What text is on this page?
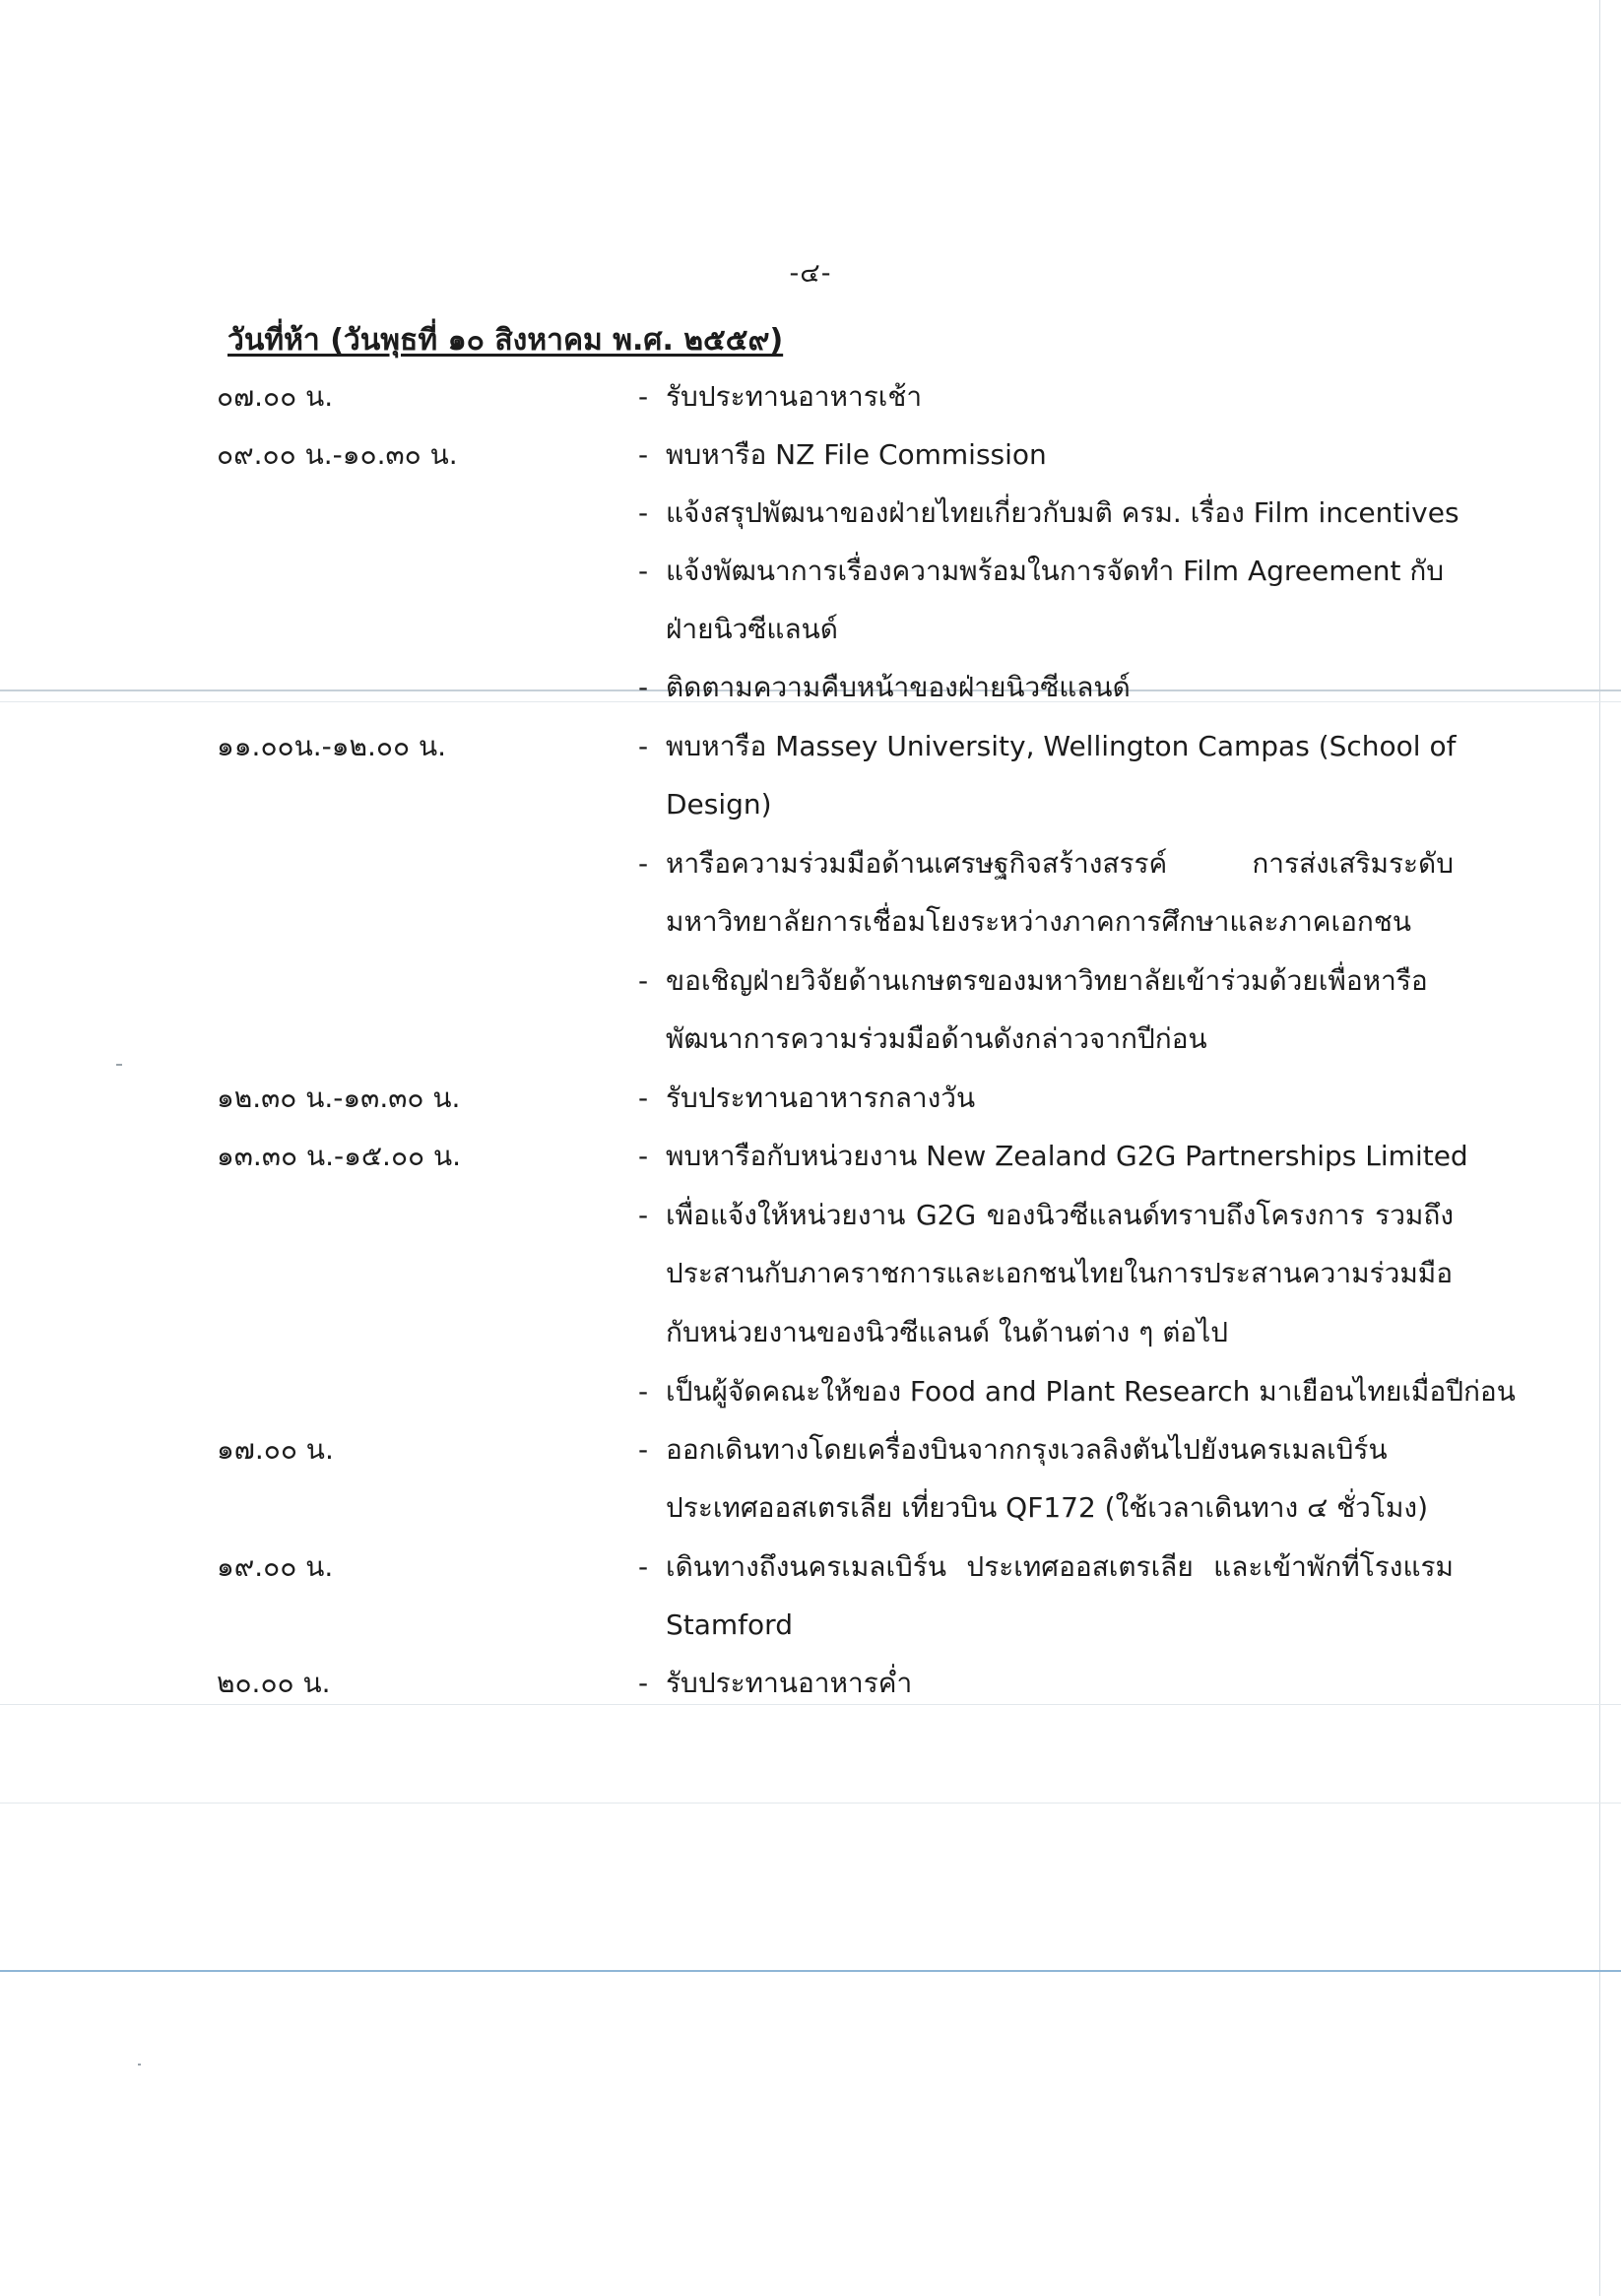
-๔-
วันที่ห้า (วันพุธที่ ๑๐ สิงหาคม พ.ศ. ๒๕๕๙)
๐๗.๐๐ น.	- รับประทานอาหารเช้า
๐๙.๐๐ น.-๑๐.๓๐ น.	- พบหารือ NZ File Commission
- แจ้งสรุปพัฒนาของฝ่ายไทยเกี่ยวกับมติ ครม. เรื่อง Film incentives
- แจ้งพัฒนาการเรื่องความพร้อมในการจัดทำ Film Agreement กับ
ฝ่ายนิวซีแลนด์
- ติดตามความคืบหน้าของฝ่ายนิวซีแลนด์
๑๑.๐๐น.-๑๒.๐๐ น.	- พบหารือ Massey University, Wellington Campas (School of
Design)
- หารือความร่วมมือด้านเศรษฐกิจสร้างสรรค์ การส่งเสริมระดับ
มหาวิทยาลัยการเชื่อมโยงระหว่างภาคการศึกษาและภาคเอกชน
- ขอเชิญฝ่ายวิจัยด้านเกษตรของมหาวิทยาลัยเข้าร่วมด้วยเพื่อหารือ
พัฒนาการความร่วมมือด้านดังกล่าวจากปีก่อน
๑๒.๓๐ น.-๑๓.๓๐ น.	- รับประทานอาหารกลางวัน
๑๓.๓๐ น.-๑๕.๐๐ น.	- พบหารือกับหน่วยงาน New Zealand G2G Partnerships Limited
- เพื่อแจ้งให้หน่วยงาน G2G ของนิวซีแลนด์ทราบถึงโครงการ รวมถึง
ประสานกับภาคราชการและเอกชนไทยในการประสานความร่วมมือ
กับหน่วยงานของนิวซีแลนด์ ในด้านต่าง ๆ ต่อไป
- เป็นผู้จัดคณะให้ของ Food and Plant Research มาเยือนไทยเมื่อปีก่อน
๑๗.๐๐ น.	- ออกเดินทางโดยเครื่องบินจากกรุงเวลลิงตันไปยังนครเมลเบิร์น
ประเทศออสเตรเลีย เที่ยวบิน QF172 (ใช้เวลาเดินทาง ๔ ชั่วโมง)
๑๙.๐๐ น.	- เดินทางถึงนครเมลเบิร์น ประเทศออสเตรเลีย และเข้าพักที่โรงแรม
Stamford
๒๐.๐๐ น.	- รับประทานอาหารค่ำ
